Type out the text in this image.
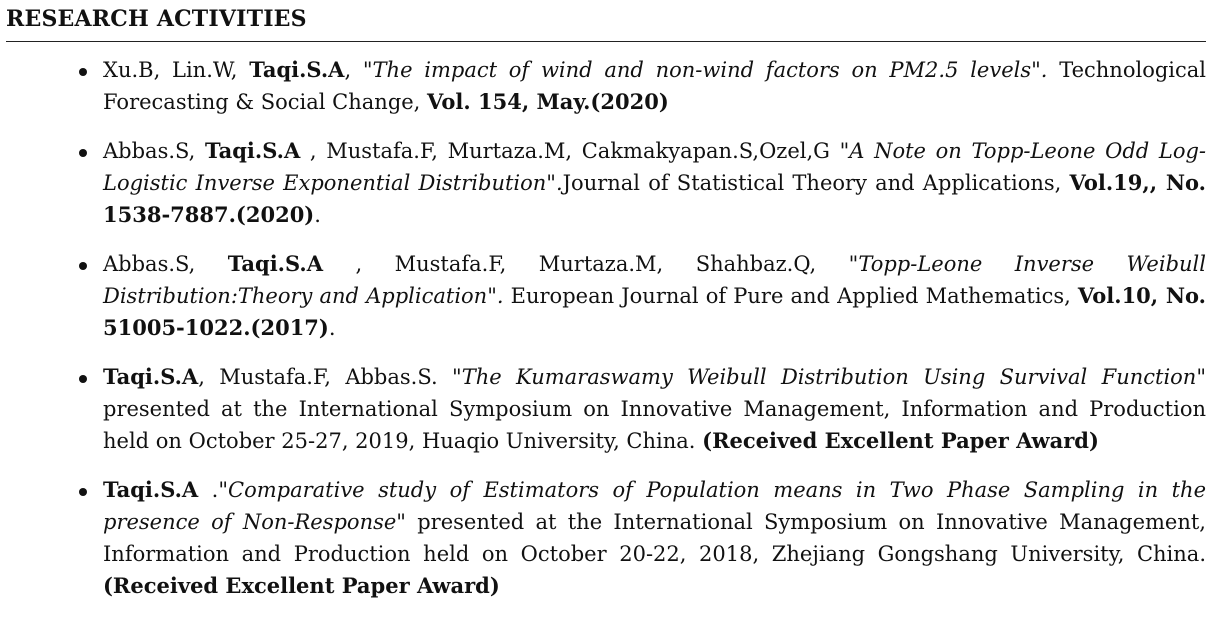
RESEARCH ACTIVITIES
Xu.B, Lin.W, Taqi.S.A, "The impact of wind and non-wind factors on PM2.5 levels". Technological Forecasting & Social Change, Vol. 154, May.(2020)
Abbas.S, Taqi.S.A , Mustafa.F, Murtaza.M, Cakmakyapan.S,Ozel,G "A Note on Topp-Leone Odd Log-Logistic Inverse Exponential Distribution".Journal of Statistical Theory and Applications, Vol.19,, No. 1538-7887.(2020).
Abbas.S, Taqi.S.A , Mustafa.F, Murtaza.M, Shahbaz.Q, "Topp-Leone Inverse Weibull Distribution:Theory and Application". European Journal of Pure and Applied Mathematics, Vol.10, No. 51005-1022.(2017).
Taqi.S.A, Mustafa.F, Abbas.S. "The Kumaraswamy Weibull Distribution Using Survival Function" presented at the International Symposium on Innovative Management, Information and Production held on October 25-27, 2019, Huaqio University, China. (Received Excellent Paper Award)
Taqi.S.A ."Comparative study of Estimators of Population means in Two Phase Sampling in the presence of Non-Response" presented at the International Symposium on Innovative Management, Information and Production held on October 20-22, 2018, Zhejiang Gongshang University, China. (Received Excellent Paper Award)
